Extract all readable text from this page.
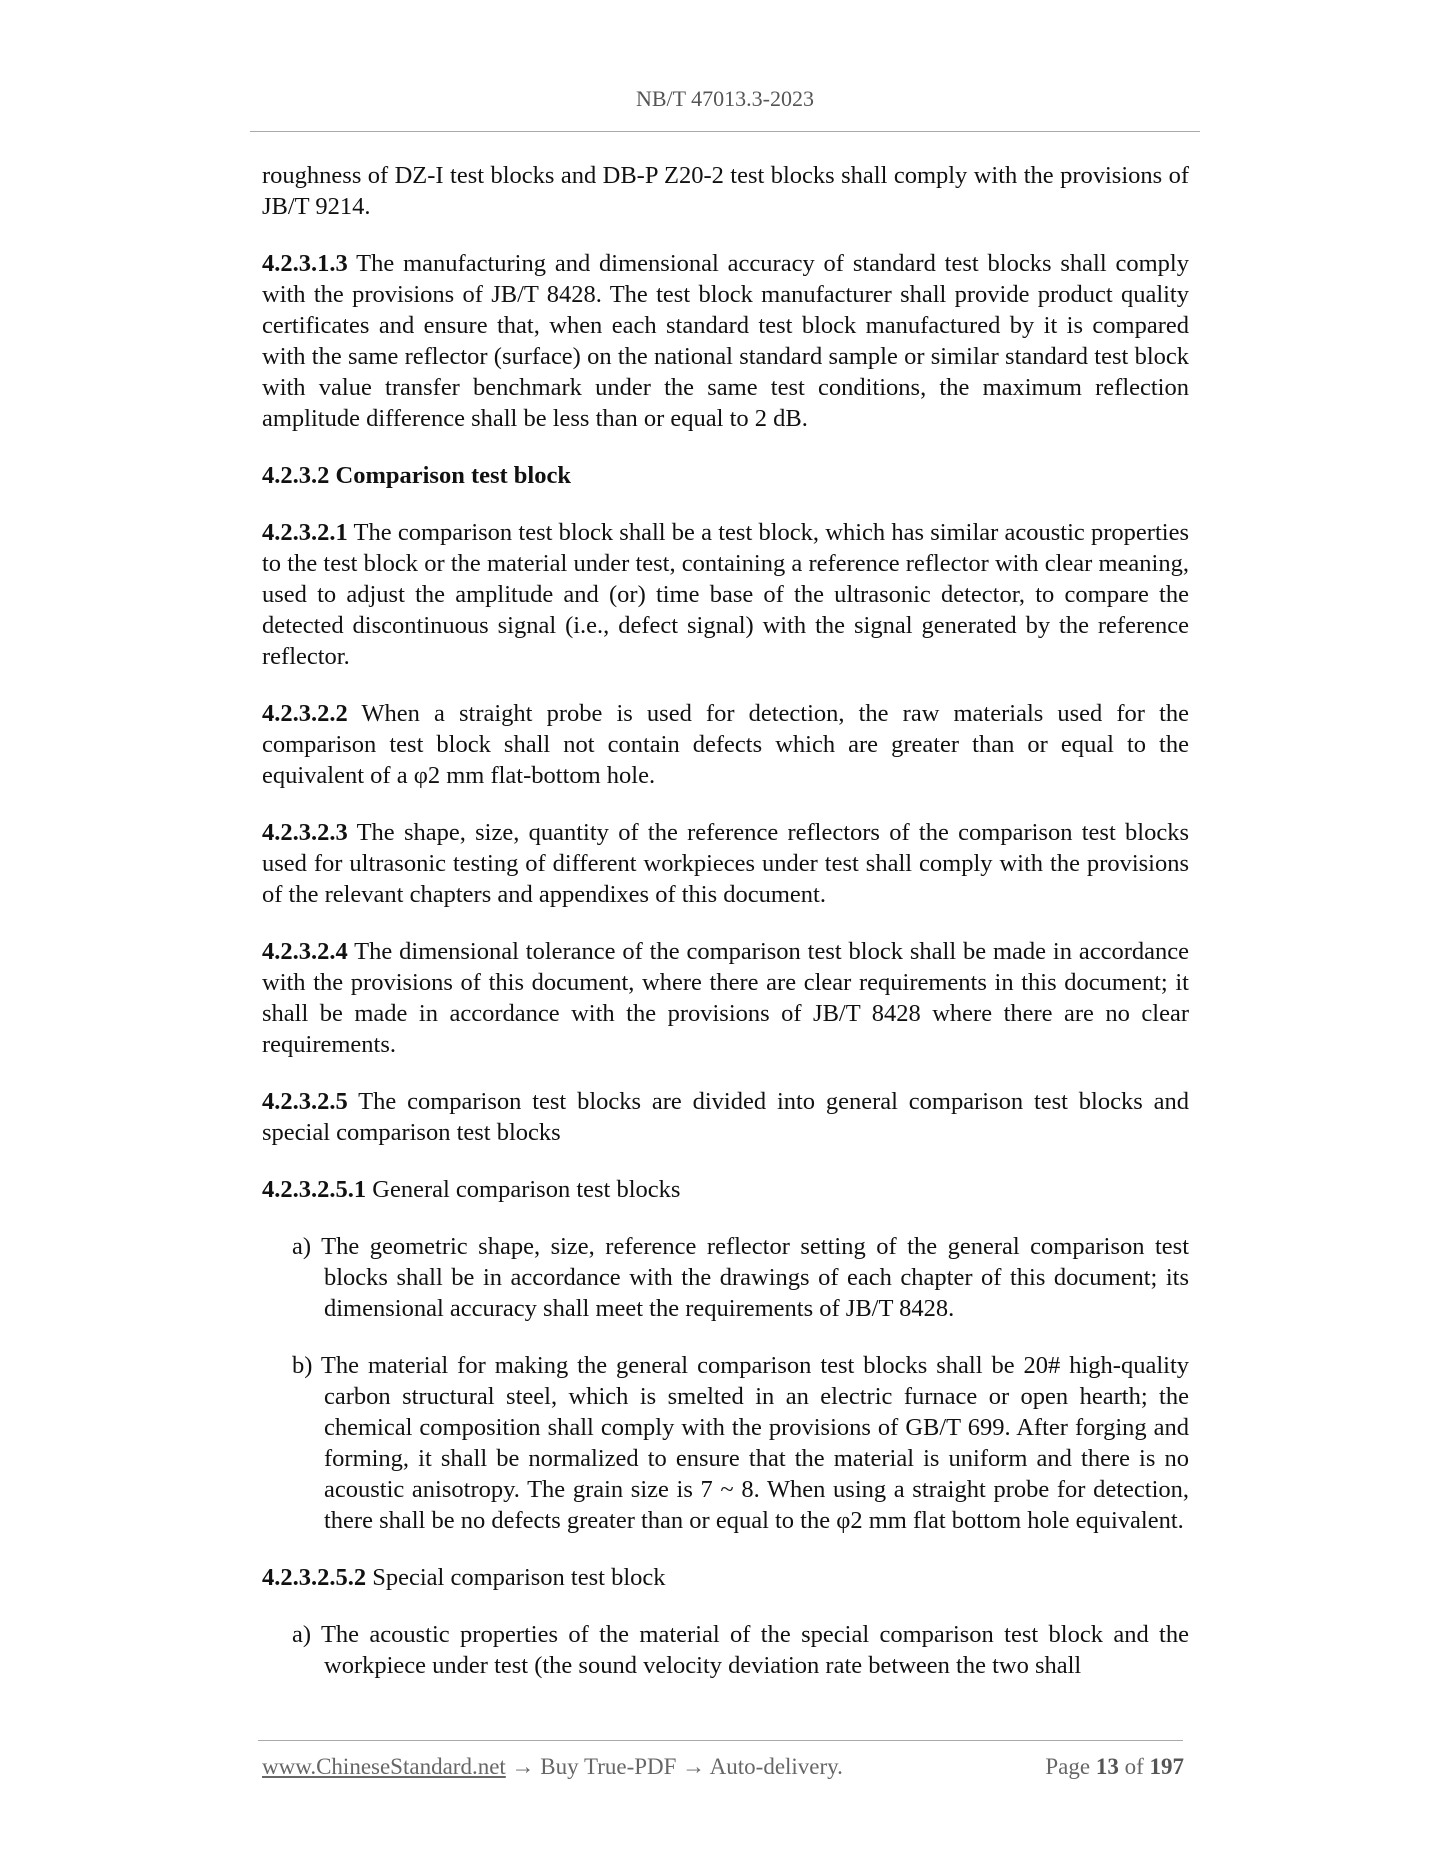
NB/T 47013.3-2023

roughness of DZ-I test blocks and DB-P Z20-2 test blocks shall comply with the provisions of JB/T 9214.

4.2.3.1.3 The manufacturing and dimensional accuracy of standard test blocks shall comply with the provisions of JB/T 8428. The test block manufacturer shall provide product quality certificates and ensure that, when each standard test block manufactured by it is compared with the same reflector (surface) on the national standard sample or similar standard test block with value transfer benchmark under the same test conditions, the maximum reflection amplitude difference shall be less than or equal to 2 dB.

4.2.3.2 Comparison test block

4.2.3.2.1 The comparison test block shall be a test block, which has similar acoustic properties to the test block or the material under test, containing a reference reflector with clear meaning, used to adjust the amplitude and (or) time base of the ultrasonic detector, to compare the detected discontinuous signal (i.e., defect signal) with the signal generated by the reference reflector.

4.2.3.2.2 When a straight probe is used for detection, the raw materials used for the comparison test block shall not contain defects which are greater than or equal to the equivalent of a φ2 mm flat-bottom hole.

4.2.3.2.3 The shape, size, quantity of the reference reflectors of the comparison test blocks used for ultrasonic testing of different workpieces under test shall comply with the provisions of the relevant chapters and appendixes of this document.

4.2.3.2.4 The dimensional tolerance of the comparison test block shall be made in accordance with the provisions of this document, where there are clear requirements in this document; it shall be made in accordance with the provisions of JB/T 8428 where there are no clear requirements.

4.2.3.2.5 The comparison test blocks are divided into general comparison test blocks and special comparison test blocks

4.2.3.2.5.1 General comparison test blocks

a) The geometric shape, size, reference reflector setting of the general comparison test blocks shall be in accordance with the drawings of each chapter of this document; its dimensional accuracy shall meet the requirements of JB/T 8428.

b) The material for making the general comparison test blocks shall be 20# high-quality carbon structural steel, which is smelted in an electric furnace or open hearth; the chemical composition shall comply with the provisions of GB/T 699. After forging and forming, it shall be normalized to ensure that the material is uniform and there is no acoustic anisotropy. The grain size is 7 ~ 8. When using a straight probe for detection, there shall be no defects greater than or equal to the φ2 mm flat bottom hole equivalent.

4.2.3.2.5.2 Special comparison test block

a) The acoustic properties of the material of the special comparison test block and the workpiece under test (the sound velocity deviation rate between the two shall

www.ChineseStandard.net → Buy True-PDF → Auto-delivery.	Page 13 of 197
